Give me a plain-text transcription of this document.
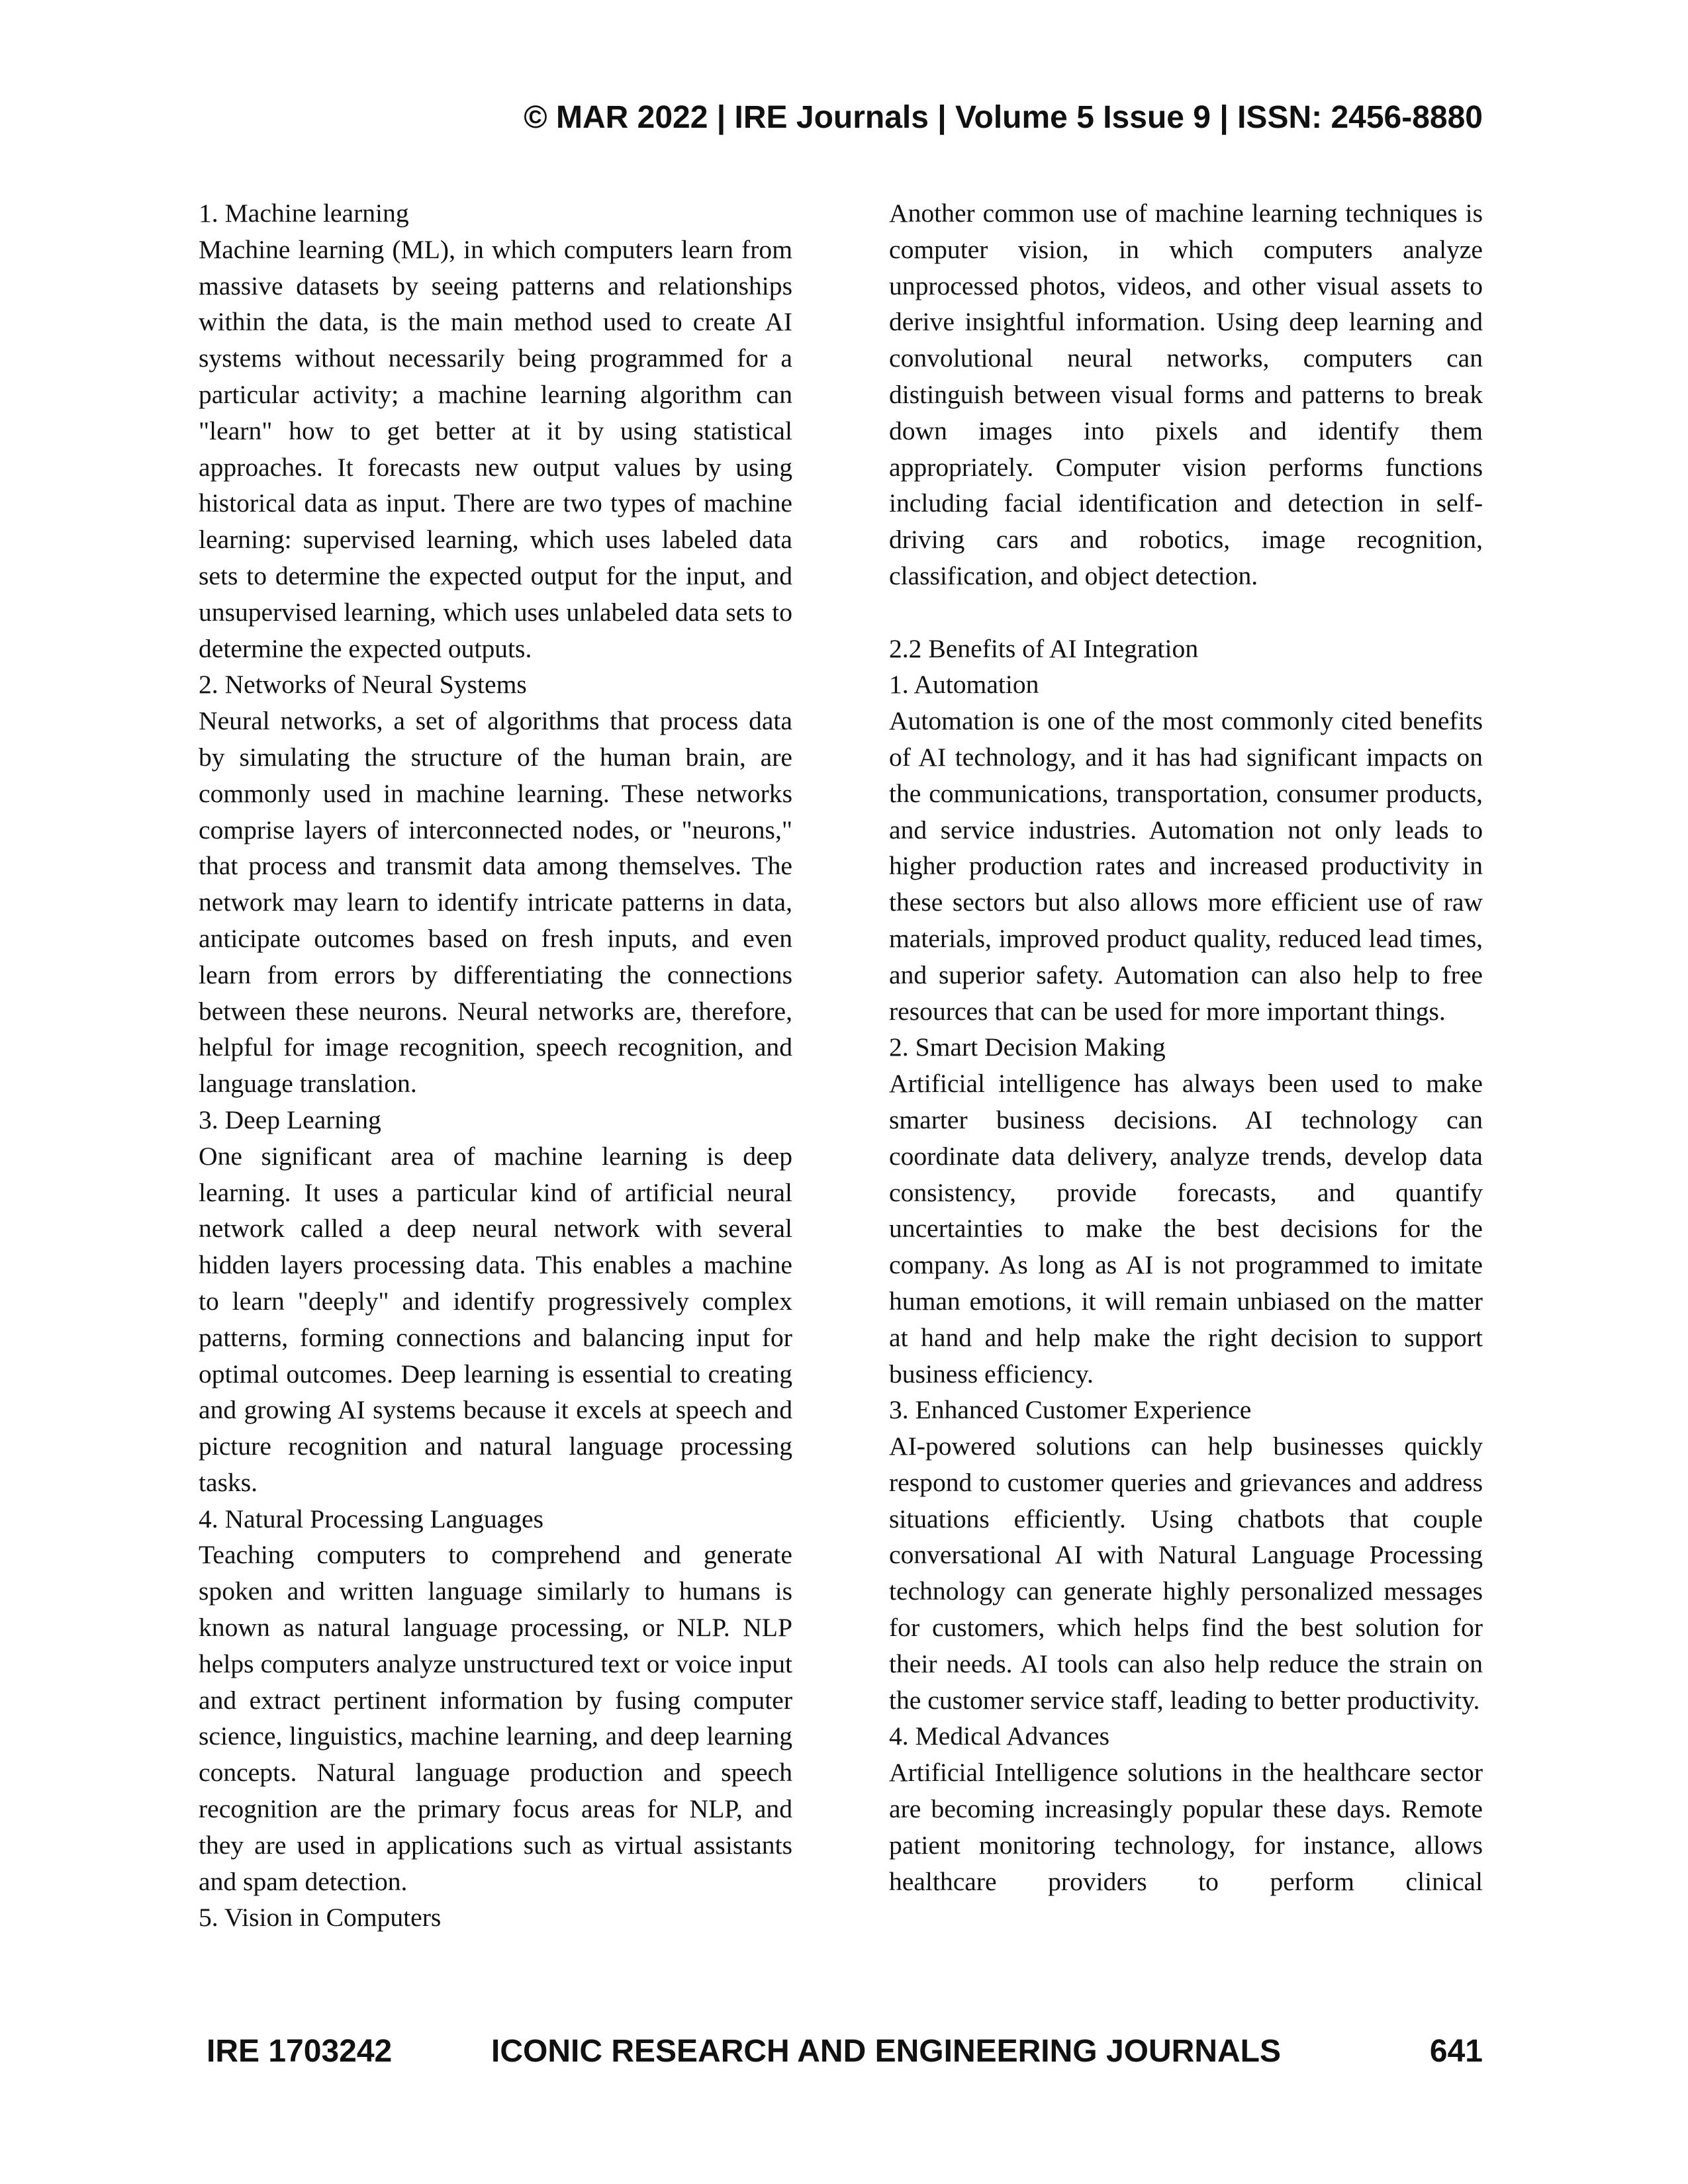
© MAR 2022 | IRE Journals | Volume 5 Issue 9 | ISSN: 2456-8880

1. Machine learning

Machine learning (ML), in which computers learn from massive datasets by seeing patterns and relationships within the data, is the main method used to create AI systems without necessarily being programmed for a particular activity; a machine learning algorithm can "learn" how to get better at it by using statistical approaches. It forecasts new output values by using historical data as input. There are two types of machine learning: supervised learning, which uses labeled data sets to determine the expected output for the input, and unsupervised learning, which uses unlabeled data sets to determine the expected outputs.

2. Networks of Neural Systems

Neural networks, a set of algorithms that process data by simulating the structure of the human brain, are commonly used in machine learning. These networks comprise layers of interconnected nodes, or "neurons," that process and transmit data among themselves. The network may learn to identify intricate patterns in data, anticipate outcomes based on fresh inputs, and even learn from errors by differentiating the connections between these neurons. Neural networks are, therefore, helpful for image recognition, speech recognition, and language translation.

3. Deep Learning

One significant area of machine learning is deep learning. It uses a particular kind of artificial neural network called a deep neural network with several hidden layers processing data. This enables a machine to learn "deeply" and identify progressively complex patterns, forming connections and balancing input for optimal outcomes. Deep learning is essential to creating and growing AI systems because it excels at speech and picture recognition and natural language processing tasks.

4. Natural Processing Languages

Teaching computers to comprehend and generate spoken and written language similarly to humans is known as natural language processing, or NLP. NLP helps computers analyze unstructured text or voice input and extract pertinent information by fusing computer science, linguistics, machine learning, and deep learning concepts. Natural language production and speech recognition are the primary focus areas for NLP, and they are used in applications such as virtual assistants and spam detection.

5. Vision in Computers

Another common use of machine learning techniques is computer vision, in which computers analyze unprocessed photos, videos, and other visual assets to derive insightful information. Using deep learning and convolutional neural networks, computers can distinguish between visual forms and patterns to break down images into pixels and identify them appropriately. Computer vision performs functions including facial identification and detection in self-driving cars and robotics, image recognition, classification, and object detection.

2.2 Benefits of AI Integration

1. Automation

Automation is one of the most commonly cited benefits of AI technology, and it has had significant impacts on the communications, transportation, consumer products, and service industries. Automation not only leads to higher production rates and increased productivity in these sectors but also allows more efficient use of raw materials, improved product quality, reduced lead times, and superior safety. Automation can also help to free resources that can be used for more important things.

2. Smart Decision Making

Artificial intelligence has always been used to make smarter business decisions. AI technology can coordinate data delivery, analyze trends, develop data consistency, provide forecasts, and quantify uncertainties to make the best decisions for the company. As long as AI is not programmed to imitate human emotions, it will remain unbiased on the matter at hand and help make the right decision to support business efficiency.

3. Enhanced Customer Experience

AI-powered solutions can help businesses quickly respond to customer queries and grievances and address situations efficiently. Using chatbots that couple conversational AI with Natural Language Processing technology can generate highly personalized messages for customers, which helps find the best solution for their needs. AI tools can also help reduce the strain on the customer service staff, leading to better productivity.

4. Medical Advances

Artificial Intelligence solutions in the healthcare sector are becoming increasingly popular these days. Remote patient monitoring technology, for instance, allows healthcare providers to perform clinical

IRE 1703242	ICONIC RESEARCH AND ENGINEERING JOURNALS	641
